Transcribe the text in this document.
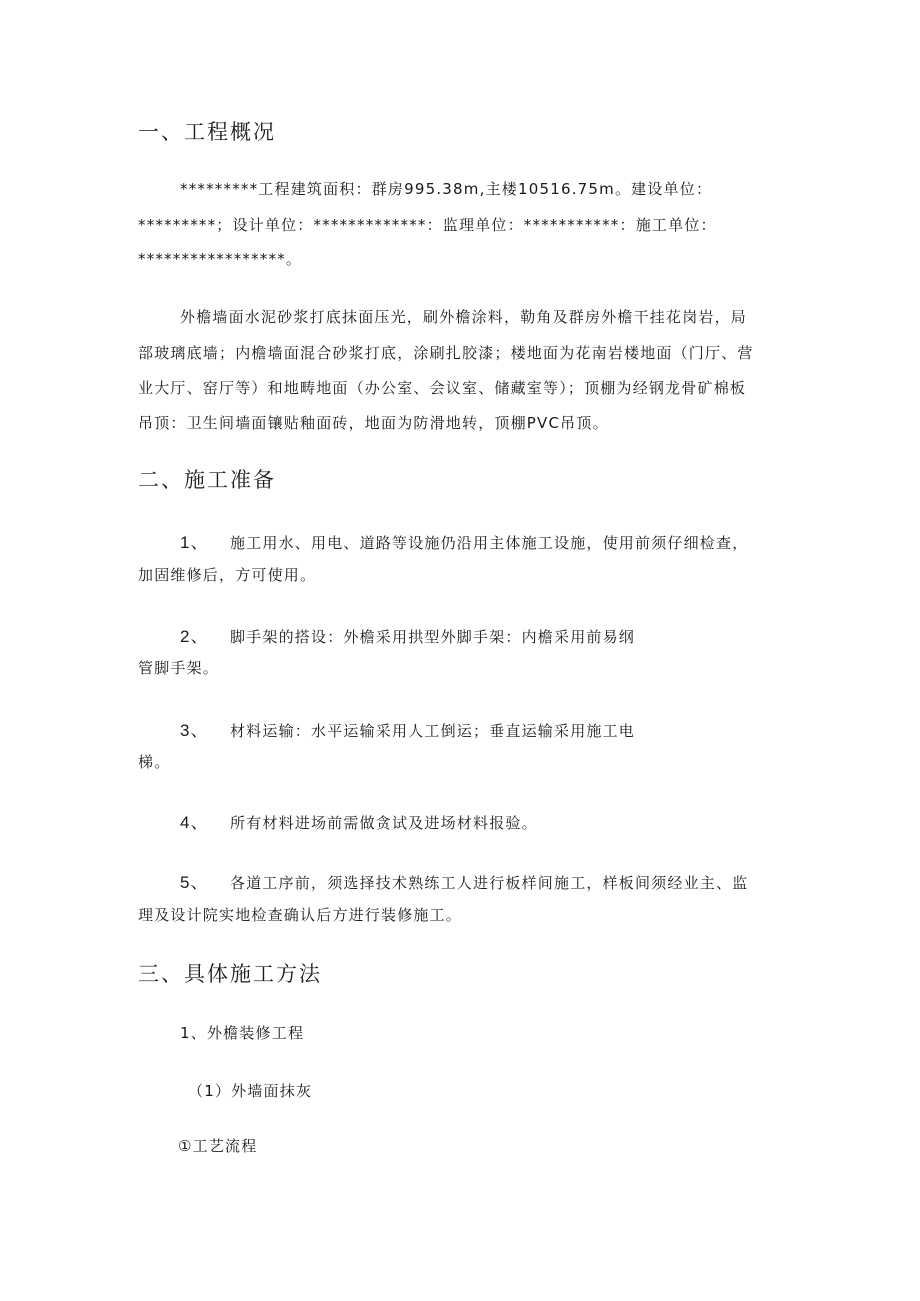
一、工程概况

*********工程建筑面积：群房995.38m,主楼10516.75m。建设单位：

*********；设计单位：*************：监理单位：***********：施工单位：

*****************。

外檐墙面水泥砂浆打底抹面压光，刷外檐涂料，勒角及群房外檐干挂花岗岩，局

部玻璃底墙；内檐墙面混合砂浆打底，涂刷扎胶漆；楼地面为花南岩楼地面（门厅、营

业大厅、窑厅等）和地畴地面（办公室、会议室、储藏室等）；顶棚为经钢龙骨矿棉板

吊顶：卫生间墙面镶贴釉面砖，地面为防滑地转，顶棚PVC吊顶。

二、施工准备

1、 施工用水、用电、道路等设施仍沿用主体施工设施，使用前须仔细检查，

加固维修后，方可使用。

2、 脚手架的搭设：外檐采用拱型外脚手架：内檐采用前易纲

管脚手架。

3、 材料运输：水平运输采用人工倒运；垂直运输采用施工电

梯。

4、 所有材料进场前需做贪试及进场材料报验。

5、 各道工序前，须选择技术熟练工人进行板样间施工，样板间须经业主、监

理及设计院实地检查确认后方进行装修施工。

三、具体施工方法

1、外檐装修工程

（1）外墙面抹灰

①工艺流程
